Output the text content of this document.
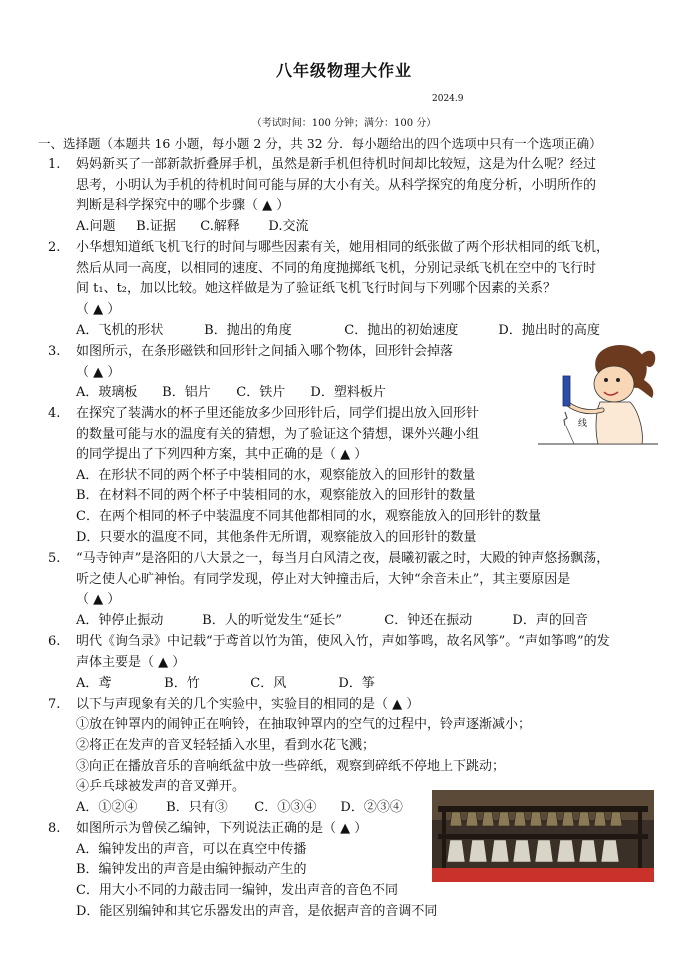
八年级物理大作业
2024.9
（考试时间：100 分钟；满分：100 分）
一、选择题（本题共 16 小题，每小题 2 分，共 32 分．每小题给出的四个选项中只有一个选项正确）
1. 妈妈新买了一部新款折叠屏手机，虽然是新手机但待机时间却比较短，这是为什么呢？经过
思考，小明认为手机的待机时间可能与屏的大小有关。从科学探究的角度分析，小明所作的
判断是科学探究中的哪个步骤（ ▲ ）
A.问题 B.证据 C.解释 D.交流
2. 小华想知道纸飞机飞行的时间与哪些因素有关，她用相同的纸张做了两个形状相同的纸飞机，
然后从同一高度，以相同的速度、不同的角度抛掷纸飞机，分别记录纸飞机在空中的飞行时
间 t₁、t₂，加以比较。她这样做是为了验证纸飞机飞行时间与下列哪个因素的关系？
（ ▲ ）
A．飞机的形状	B．抛出的角度	C．抛出的初始速度	D．抛出时的高度
3. 如图所示，在条形磁铁和回形针之间插入哪个物体，回形针会掉落
（ ▲ ）
A．玻璃板 B．铝片 C．铁片 D．塑料板片
线
4. 在探究了装满水的杯子里还能放多少回形针后，同学们提出放入回形针
的数量可能与水的温度有关的猜想，为了验证这个猜想，课外兴趣小组
的同学提出了下列四种方案，其中正确的是（ ▲ ）
A．在形状不同的两个杯子中装相同的水，观察能放入的回形针的数量
B．在材料不同的两个杯子中装相同的水，观察能放入的回形针的数量
C．在两个相同的杯子中装温度不同其他都相同的水，观察能放入的回形针的数量
D．只要水的温度不同，其他条件无所谓，观察能放入的回形针的数量
5. “马寺钟声”是洛阳的八大景之一，每当月白风清之夜，晨曦初霰之时，大殿的钟声悠扬飘荡，
听之使人心旷神怡。有同学发现，停止对大钟撞击后，大钟“余音未止”，其主要原因是
（ ▲ ）
A．钟停止振动	B．人的听觉发生“延长”	C．钟还在振动	D．声的回音
6. 明代《询刍录》中记载“于鸢首以竹为笛，使风入竹，声如筝鸣，故名风筝”。“声如筝鸣”的发
声体主要是（ ▲ ）
A．鸢	B．竹	C．风	D．筝
7. 以下与声现象有关的几个实验中，实验目的相同的是（ ▲ ）
①放在钟罩内的闹钟正在响铃，在抽取钟罩内的空气的过程中，铃声逐渐减小；
②将正在发声的音叉轻轻插入水里，看到水花飞溅；
③向正在播放音乐的音响纸盆中放一些碎纸，观察到碎纸不停地上下跳动；
④乒乓球被发声的音叉弹开。
A．①②④ B．只有③ C．①③④ D．②③④
8. 如图所示为曾侯乙编钟，下列说法正确的是（ ▲ ）
A．编钟发出的声音，可以在真空中传播
B．编钟发出的声音是由编钟振动产生的
C．用大小不同的力敲击同一编钟，发出声音的音色不同
D．能区别编钟和其它乐器发出的声音，是依据声音的音调不同
